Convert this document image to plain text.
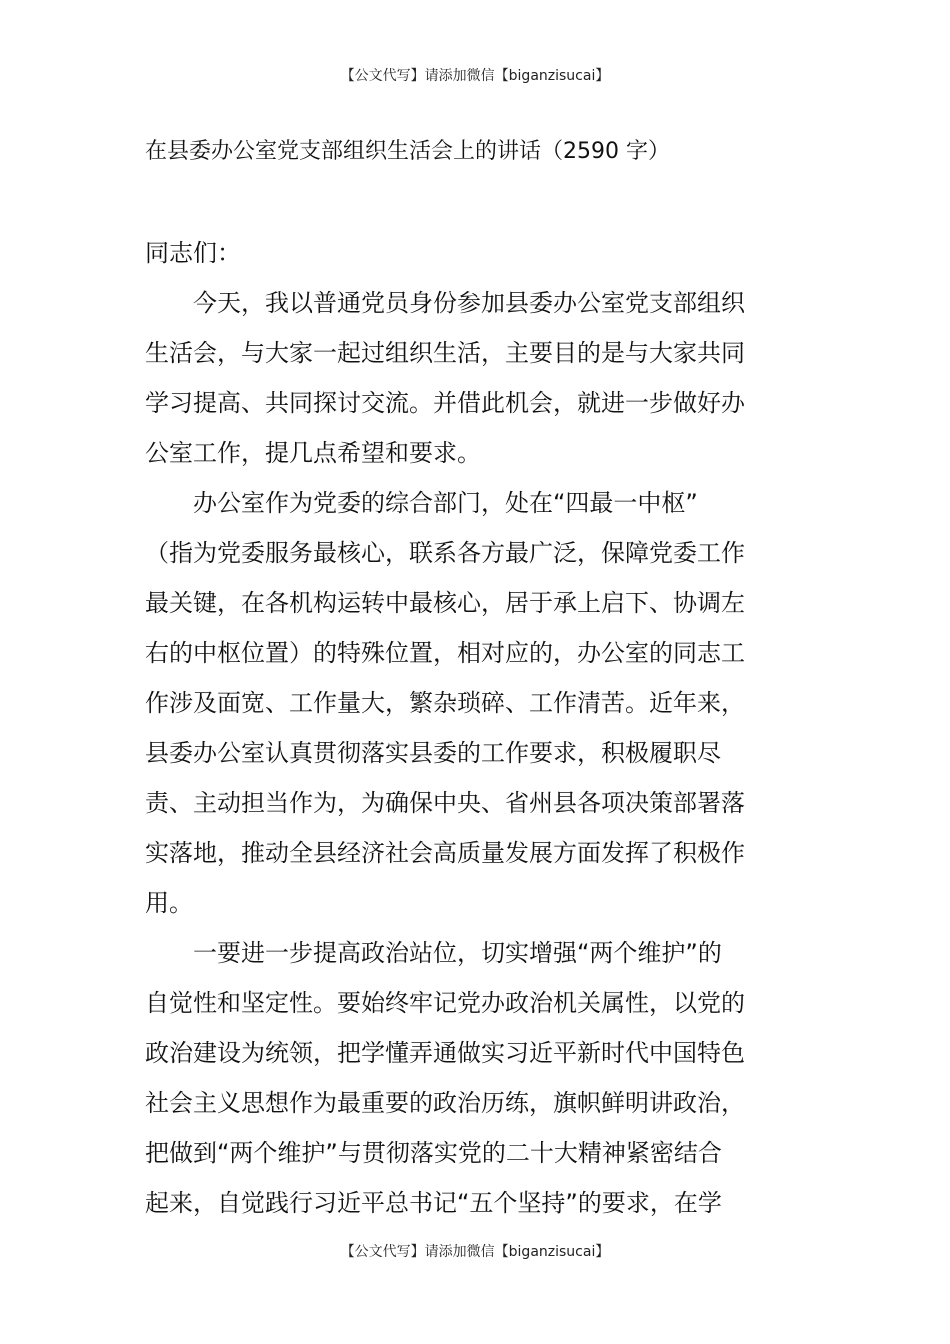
【公文代写】请添加微信【biganzisucai】
在县委办公室党支部组织生活会上的讲话（2590 字）

同志们：

今天，我以普通党员身份参加县委办公室党支部组织
生活会，与大家一起过组织生活，主要目的是与大家共同
学习提高、共同探讨交流。并借此机会，就进一步做好办
公室工作，提几点希望和要求。

办公室作为党委的综合部门，处在“四最一中枢”
（指为党委服务最核心，联系各方最广泛，保障党委工作
最关键，在各机构运转中最核心，居于承上启下、协调左
右的中枢位置）的特殊位置，相对应的，办公室的同志工
作涉及面宽、工作量大，繁杂琐碎、工作清苦。近年来，
县委办公室认真贯彻落实县委的工作要求，积极履职尽
责、主动担当作为，为确保中央、省州县各项决策部署落
实落地，推动全县经济社会高质量发展方面发挥了积极作
用。

一要进一步提高政治站位，切实增强“两个维护”的
自觉性和坚定性。要始终牢记党办政治机关属性，以党的
政治建设为统领，把学懂弄通做实习近平新时代中国特色
社会主义思想作为最重要的政治历练，旗帜鲜明讲政治，
把做到“两个维护”与贯彻落实党的二十大精神紧密结合
起来，自觉践行习近平总书记“五个坚持”的要求，在学

【公文代写】请添加微信【biganzisucai】
